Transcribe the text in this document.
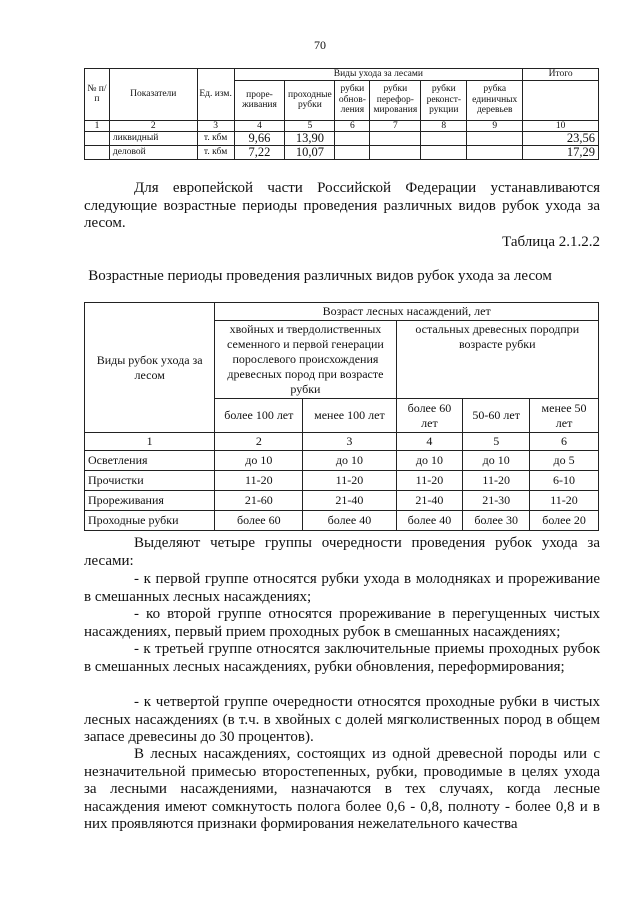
70
№ п/п	Показатели	Ед. изм.	Виды ухода за лесами						Итого
			проре-живания	проходные рубки	рубки обнов-ления	рубки перефор-мирования	рубки реконст-рукции	рубка единичных деревьев	
1	2	3	4	5	6	7	8	9	10
	ликвидный	т. кбм	9,66	13,90					23,56
	деловой	т. кбм	7,22	10,07					17,29

Для европейской части Российской Федерации устанавливаются следующие возрастные периоды проведения различных видов рубок ухода за лесом.

Таблица 2.1.2.2
Возрастные периоды проведения различных видов рубок ухода за лесом
Виды рубок ухода за лесом	Возраст лесных насаждений, лет				
	хвойных и твердолиственных семенного и первой генерации порослевого происхождения древесных пород при возрасте рубки		остальных древесных породпри возрасте рубки		
	более 100 лет	менее 100 лет	более 60 лет	50-60 лет	менее 50 лет
1	2	3	4	5	6
Осветления	до 10	до 10	до 10	до 10	до 5
Прочистки	11-20	11-20	11-20	11-20	6-10
Прореживания	21-60	21-40	21-40	21-30	11-20
Проходные рубки	более 60	более 40	более 40	более 30	более 20

Выделяют четыре группы очередности проведения рубок ухода за лесами:

- к первой группе относятся рубки ухода в молодняках и прореживание в смешанных лесных насаждениях;

- ко второй группе относятся прореживание в перегущенных чистых насаждениях, первый прием проходных рубок в смешанных насаждениях;

- к третьей группе относятся заключительные приемы проходных рубок в смешанных лесных насаждениях, рубки обновления, переформирования;

- к четвертой группе очередности относятся проходные рубки в чистых лесных насаждениях (в т.ч. в хвойных с долей мягколиственных пород в общем запасе древесины до 30 процентов).

В лесных насаждениях, состоящих из одной древесной породы или с незначительной примесью второстепенных, рубки, проводимые в целях ухода за лесными насаждениями, назначаются в тех случаях, когда лесные насаждения имеют сомкнутость полога более 0,6 - 0,8, полноту - более 0,8 и в них проявляются признаки формирования нежелательного качества
